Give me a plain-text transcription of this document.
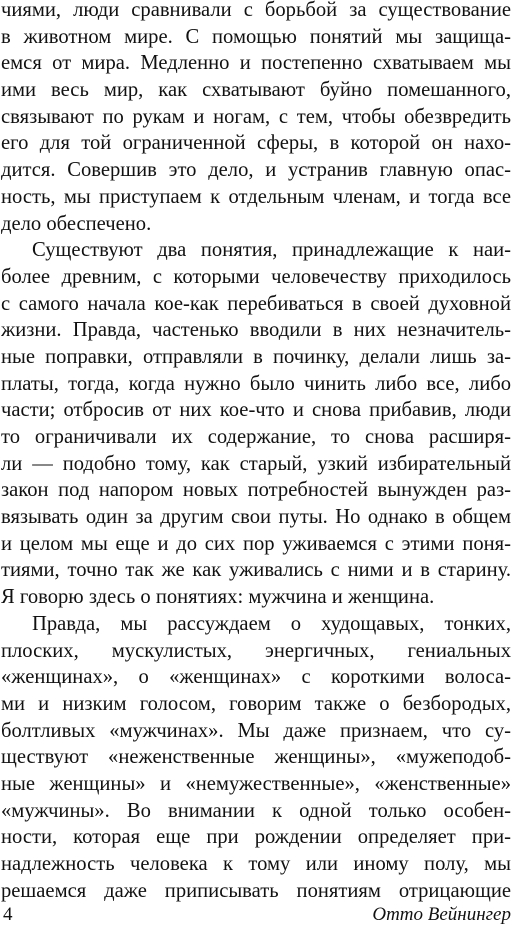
чиями, люди сравнивали с борьбой за существование
в животном мире. С помощью понятий мы защища-
емся от мира. Медленно и постепенно схватываем мы
ими весь мир, как схватывают буйно помешанного,
связывают по рукам и ногам, с тем, чтобы обезвредить
его для той ограниченной сферы, в которой он нахо-
дится. Совершив это дело, и устранив главную опас-
ность, мы приступаем к отдельным членам, и тогда все
дело обеспечено.
Существуют два понятия, принадлежащие к наи-
более древним, с которыми человечеству приходилось
с самого начала кое-как перебиваться в своей духовной
жизни. Правда, частенько вводили в них незначитель-
ные поправки, отправляли в починку, делали лишь за-
платы, тогда, когда нужно было чинить либо все, либо
части; отбросив от них кое-что и снова прибавив, люди
то ограничивали их содержание, то снова расширя-
ли — подобно тому, как старый, узкий избирательный
закон под напором новых потребностей вынужден раз-
вязывать один за другим свои путы. Но однако в общем
и целом мы еще и до сих пор уживаемся с этими поня-
тиями, точно так же как уживались с ними и в старину.
Я говорю здесь о понятиях: мужчина и женщина.
Правда, мы рассуждаем о худощавых, тонких,
плоских, мускулистых, энергичных, гениальных
«женщинах», о «женщинах» с короткими волоса-
ми и низким голосом, говорим также о безбородых,
болтливых «мужчинах». Мы даже признаем, что су-
ществуют «неженственные женщины», «мужеподоб-
ные женщины» и «немужественные», «женственные»
«мужчины». Во внимании к одной только особен-
ности, которая еще при рождении определяет при-
надлежность человека к тому или иному полу, мы
решаемся даже приписывать понятиям отрицающие
4	Отто Вейнингер
